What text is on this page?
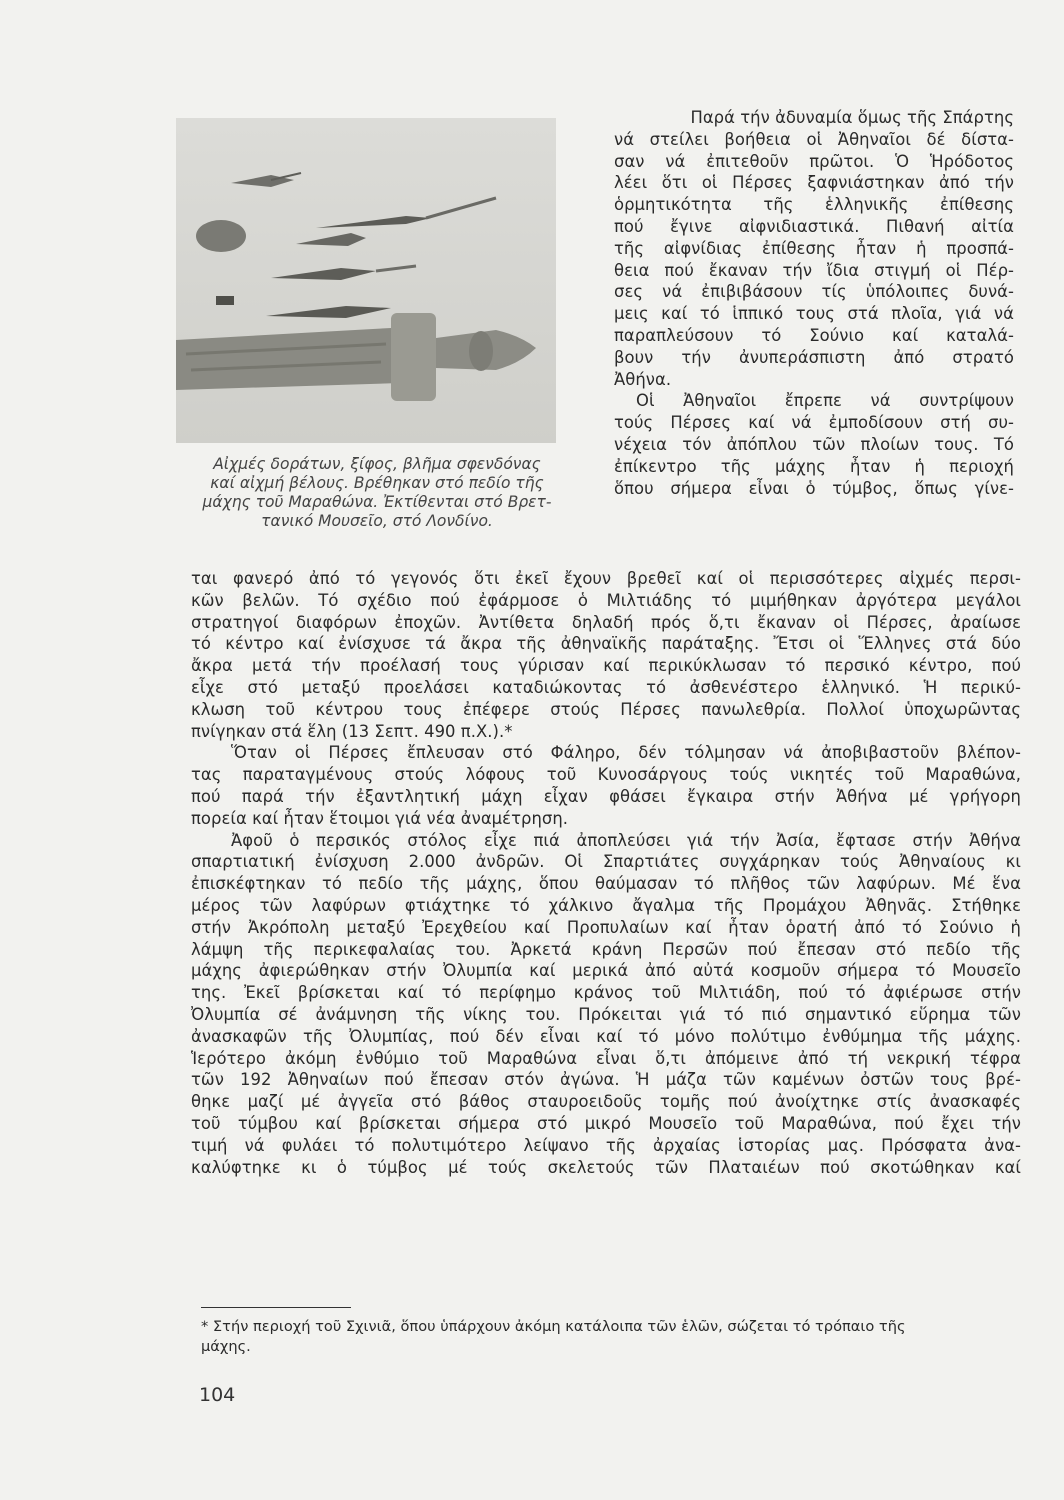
Αἰχμές δοράτων, ξίφος, βλῆμα σφενδόνας
καί αἰχμή βέλους. Βρέθηκαν στό πεδίο τῆς
μάχης τοῦ Μαραθώνα. Ἐκτίθενται στό Βρετ-
τανικό Μουσεῖο, στό Λονδίνο.
Παρά τήν ἀδυναμία ὅμως τῆς Σπάρτης
νά στείλει βοήθεια οἱ Ἀθηναῖοι δέ δίστα-
σαν νά ἐπιτεθοῦν πρῶτοι. Ὁ Ἡρόδοτος
λέει ὅτι οἱ Πέρσες ξαφνιάστηκαν ἀπό τήν
ὁρμητικότητα τῆς ἑλληνικῆς ἐπίθεσης
πού ἔγινε αἰφνιδιαστικά. Πιθανή αἰτία
τῆς αἰφνίδιας ἐπίθεσης ἦταν ἡ προσπά-
θεια πού ἔκαναν τήν ἴδια στιγμή οἱ Πέρ-
σες νά ἐπιβιβάσουν τίς ὑπόλοιπες δυνά-
μεις καί τό ἱππικό τους στά πλοῖα, γιά νά
παραπλεύσουν τό Σούνιο καί καταλά-
βουν τήν ἀνυπεράσπιστη ἀπό στρατό
Ἀθήνα.
Οἱ Ἀθηναῖοι ἔπρεπε νά συντρίψουν
τούς Πέρσες καί νά ἐμποδίσουν στή συ-
νέχεια τόν ἀπόπλου τῶν πλοίων τους. Τό
ἐπίκεντρο τῆς μάχης ἦταν ἡ περιοχή
ὅπου σήμερα εἶναι ὁ τύμβος, ὅπως γίνε-
ται φανερό ἀπό τό γεγονός ὅτι ἐκεῖ ἔχουν βρεθεῖ καί οἱ περισσότερες αἰχμές περσι-
κῶν βελῶν. Τό σχέδιο πού ἐφάρμοσε ὁ Μιλτιάδης τό μιμήθηκαν ἀργότερα μεγάλοι
στρατηγοί διαφόρων ἐποχῶν. Ἀντίθετα δηλαδή πρός ὅ,τι ἔκαναν οἱ Πέρσες, ἀραίωσε
τό κέντρο καί ἐνίσχυσε τά ἄκρα τῆς ἀθηναϊκῆς παράταξης. Ἔτσι οἱ Ἕλληνες στά δύο
ἄκρα μετά τήν προέλασή τους γύρισαν καί περικύκλωσαν τό περσικό κέντρο, πού
εἶχε στό μεταξύ προελάσει καταδιώκοντας τό ἀσθενέστερο ἑλληνικό. Ἡ περικύ-
κλωση τοῦ κέντρου τους ἐπέφερε στούς Πέρσες πανωλεθρία. Πολλοί ὑποχωρῶντας
πνίγηκαν στά ἕλη (13 Σεπτ. 490 π.Χ.).*
Ὅταν οἱ Πέρσες ἔπλευσαν στό Φάληρο, δέν τόλμησαν νά ἀποβιβαστοῦν βλέπον-
τας παραταγμένους στούς λόφους τοῦ Κυνοσάργους τούς νικητές τοῦ Μαραθώνα,
πού παρά τήν ἐξαντλητική μάχη εἶχαν φθάσει ἔγκαιρα στήν Ἀθήνα μέ γρήγορη
πορεία καί ἦταν ἕτοιμοι γιά νέα ἀναμέτρηση.
Ἀφοῦ ὁ περσικός στόλος εἶχε πιά ἀποπλεύσει γιά τήν Ἀσία, ἔφτασε στήν Ἀθήνα
σπαρτιατική ἐνίσχυση 2.000 ἀνδρῶν. Οἱ Σπαρτιάτες συγχάρηκαν τούς Ἀθηναίους κι
ἐπισκέφτηκαν τό πεδίο τῆς μάχης, ὅπου θαύμασαν τό πλῆθος τῶν λαφύρων. Μέ ἕνα
μέρος τῶν λαφύρων φτιάχτηκε τό χάλκινο ἄγαλμα τῆς Προμάχου Ἀθηνᾶς. Στήθηκε
στήν Ἀκρόπολη μεταξύ Ἐρεχθείου καί Προπυλαίων καί ἦταν ὁρατή ἀπό τό Σούνιο ἡ
λάμψη τῆς περικεφαλαίας του. Ἀρκετά κράνη Περσῶν πού ἔπεσαν στό πεδίο τῆς
μάχης ἀφιερώθηκαν στήν Ὀλυμπία καί μερικά ἀπό αὐτά κοσμοῦν σήμερα τό Μουσεῖο
της. Ἐκεῖ βρίσκεται καί τό περίφημο κράνος τοῦ Μιλτιάδη, πού τό ἀφιέρωσε στήν
Ὀλυμπία σέ ἀνάμνηση τῆς νίκης του. Πρόκειται γιά τό πιό σημαντικό εὕρημα τῶν
ἀνασκαφῶν τῆς Ὀλυμπίας, πού δέν εἶναι καί τό μόνο πολύτιμο ἐνθύμημα τῆς μάχης.
Ἱερότερο ἀκόμη ἐνθύμιο τοῦ Μαραθώνα εἶναι ὅ,τι ἀπόμεινε ἀπό τή νεκρική τέφρα
τῶν 192 Ἀθηναίων πού ἔπεσαν στόν ἀγώνα. Ἡ μάζα τῶν καμένων ὀστῶν τους βρέ-
θηκε μαζί μέ ἀγγεῖα στό βάθος σταυροειδοῦς τομῆς πού ἀνοίχτηκε στίς ἀνασκαφές
τοῦ τύμβου καί βρίσκεται σήμερα στό μικρό Μουσεῖο τοῦ Μαραθώνα, πού ἔχει τήν
τιμή νά φυλάει τό πολυτιμότερο λείψανο τῆς ἀρχαίας ἱστορίας μας. Πρόσφατα ἀνα-
καλύφτηκε κι ὁ τύμβος μέ τούς σκελετούς τῶν Πλαταιέων πού σκοτώθηκαν καί
* Στήν περιοχή τοῦ Σχινιᾶ, ὅπου ὑπάρχουν ἀκόμη κατάλοιπα τῶν ἑλῶν, σώζεται τό τρόπαιο τῆς
μάχης.
104
